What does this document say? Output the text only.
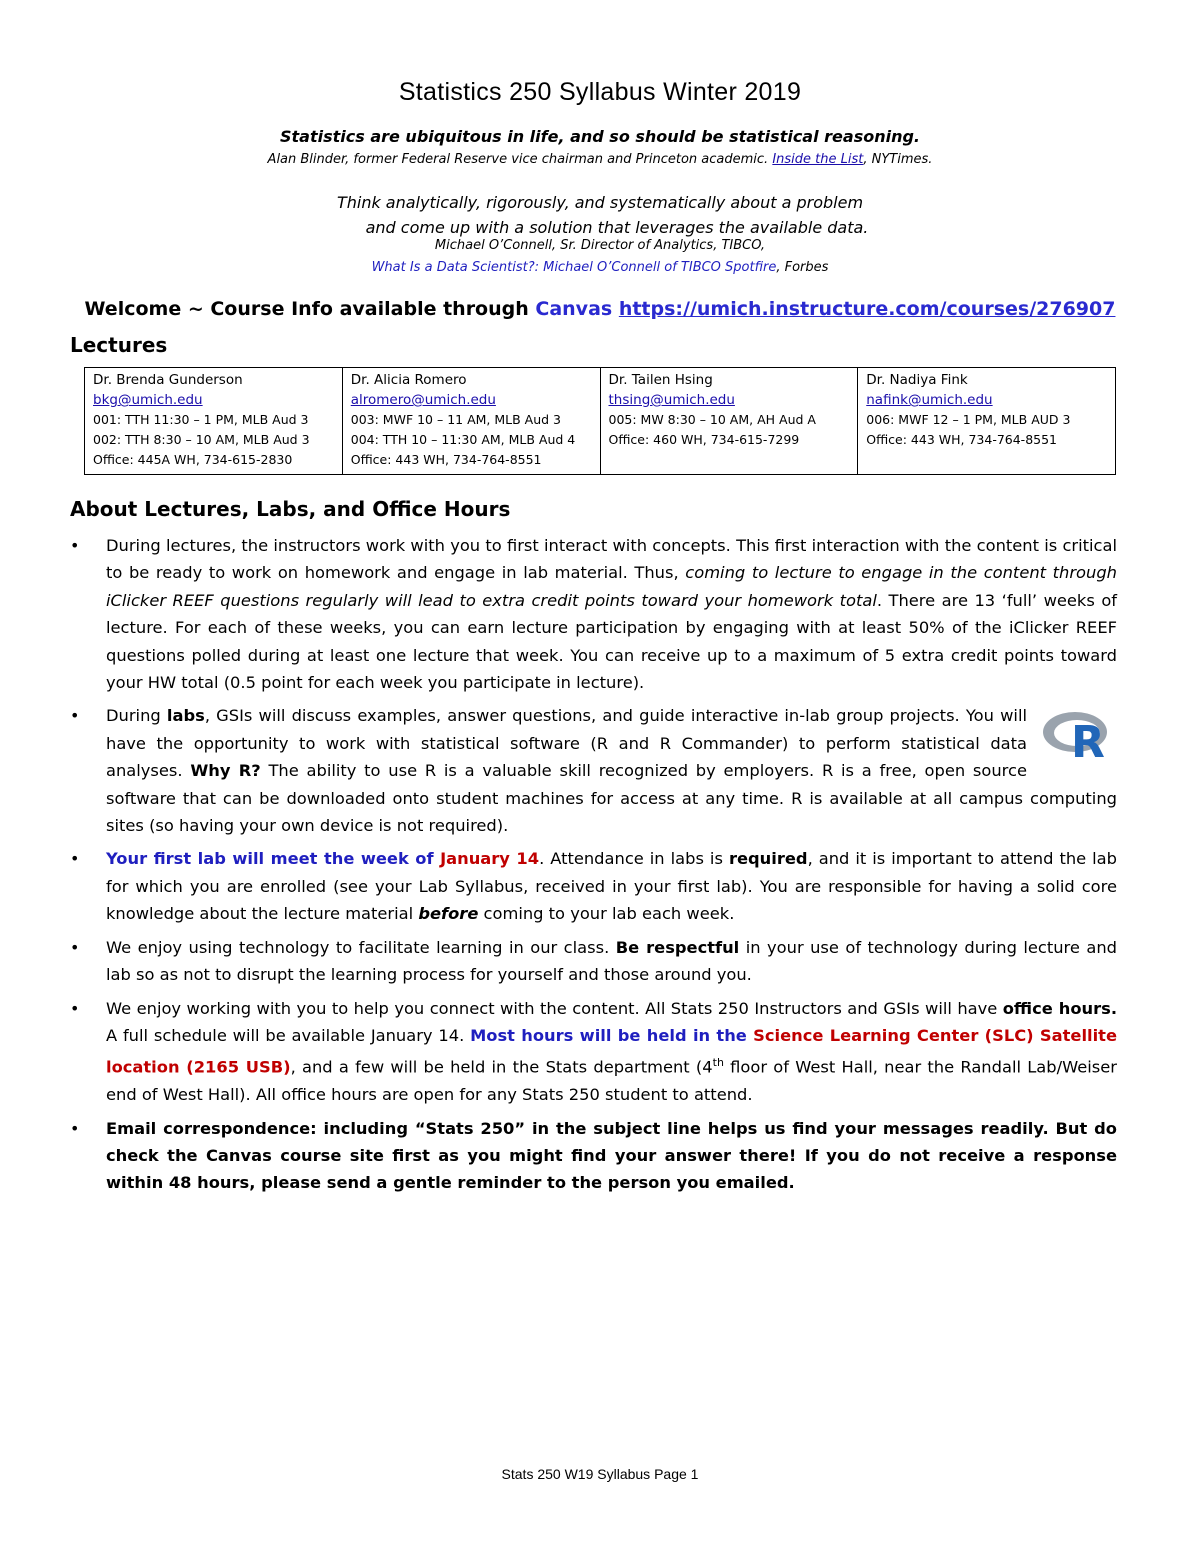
Statistics 250 Syllabus Winter 2019
Statistics are ubiquitous in life, and so should be statistical reasoning.
Alan Blinder, former Federal Reserve vice chairman and Princeton academic. Inside the List, NYTimes.
Think analytically, rigorously, and systematically about a problem
and come up with a solution that leverages the available data.
Michael O’Connell, Sr. Director of Analytics, TIBCO,
What Is a Data Scientist?: Michael O’Connell of TIBCO Spotfire, Forbes
Welcome ~ Course Info available through Canvas https://umich.instructure.com/courses/276907
Lectures
Dr. Brenda Gunderson
bkg@umich.edu
001: TTH 11:30 – 1 PM, MLB Aud 3
002: TTH 8:30 – 10 AM, MLB Aud 3
Office: 445A WH, 734-615-2830

Dr. Alicia Romero
alromero@umich.edu
003: MWF 10 – 11 AM, MLB Aud 3
004: TTH 10 – 11:30 AM, MLB Aud 4
Office: 443 WH, 734-764-8551

Dr. Tailen Hsing
thsing@umich.edu
005: MW 8:30 – 10 AM, AH Aud A
Office: 460 WH, 734-615-7299

Dr. Nadiya Fink
nafink@umich.edu
006: MWF 12 – 1 PM, MLB AUD 3
Office: 443 WH, 734-764-8551
About Lectures, Labs, and Office Hours
• During lectures, the instructors work with you to first interact with concepts. This first interaction with the content is critical to be ready to work on homework and engage in lab material. Thus, coming to lecture to engage in the content through iClicker REEF questions regularly will lead to extra credit points toward your homework total. There are 13 ‘full’ weeks of lecture. For each of these weeks, you can earn lecture participation by engaging with at least 50% of the iClicker REEF questions polled during at least one lecture that week. You can receive up to a maximum of 5 extra credit points toward your HW total (0.5 point for each week you participate in lecture).
•
R
During labs, GSIs will discuss examples, answer questions, and guide interactive in-lab group projects. You will have the opportunity to work with statistical software (R and R Commander) to perform statistical data analyses. Why R? The ability to use R is a valuable skill recognized by employers. R is a free, open source software that can be downloaded onto student machines for access at any time. R is available at all campus computing sites (so having your own device is not required).
• Your first lab will meet the week of January 14. Attendance in labs is required, and it is important to attend the lab for which you are enrolled (see your Lab Syllabus, received in your first lab). You are responsible for having a solid core knowledge about the lecture material before coming to your lab each week.
• We enjoy using technology to facilitate learning in our class. Be respectful in your use of technology during lecture and lab so as not to disrupt the learning process for yourself and those around you.
• We enjoy working with you to help you connect with the content. All Stats 250 Instructors and GSIs will have office hours. A full schedule will be available January 14. Most hours will be held in the Science Learning Center (SLC) Satellite location (2165 USB), and a few will be held in the Stats department (4th floor of West Hall, near the Randall Lab/Weiser end of West Hall). All office hours are open for any Stats 250 student to attend.
• Email correspondence: including “Stats 250” in the subject line helps us find your messages readily. But do check the Canvas course site first as you might find your answer there! If you do not receive a response within 48 hours, please send a gentle reminder to the person you emailed.
Stats 250 W19 Syllabus Page 1
